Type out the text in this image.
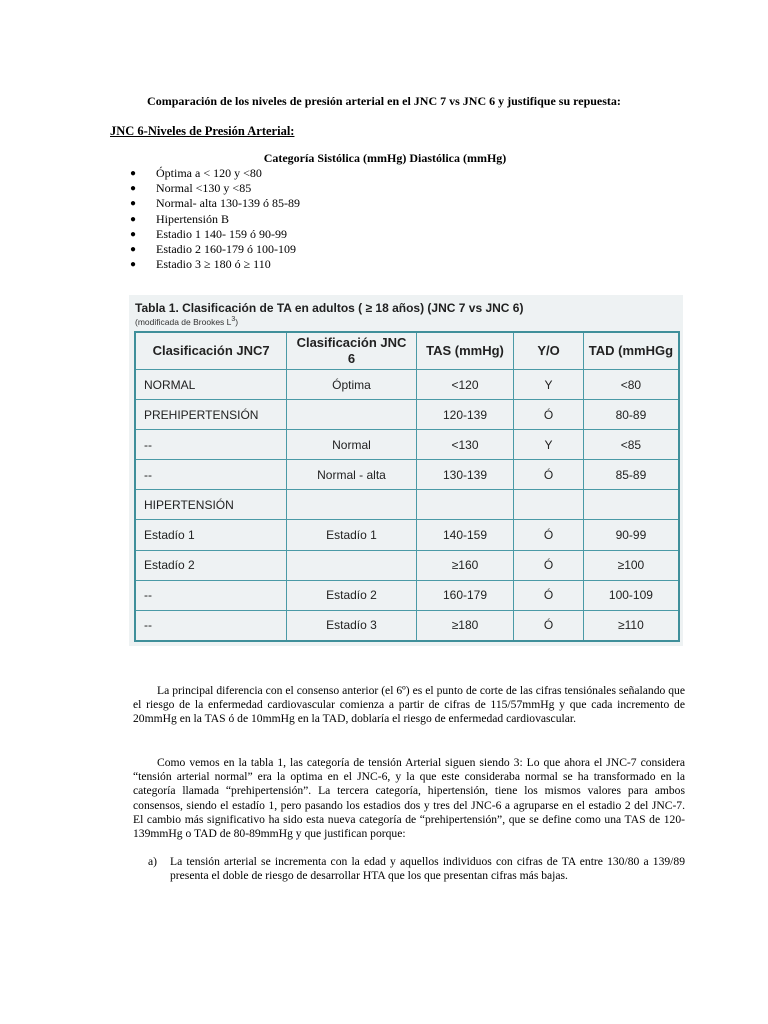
Comparación de los niveles de presión arterial en el JNC 7 vs JNC 6 y justifique su repuesta:
JNC 6-Niveles de Presión Arterial:
Categoría Sistólica (mmHg) Diastólica (mmHg)
● Óptima a < 120 y <80
● Normal <130 y <85
● Normal- alta 130-139 ó 85-89
● Hipertensión B
● Estadio 1 140- 159 ó 90-99
● Estadio 2 160-179 ó 100-109
● Estadio 3 ≥ 180 ó ≥ 110
Tabla 1. Clasificación de TA en adultos ( ≥ 18 años) (JNC 7 vs JNC 6)
(modificada de Brookes $L^3$)
Clasificación JNC7	Clasificación JNC 6	TAS (mmHg)	Y/O	TAD (mmHGg
NORMAL	Óptima	<120	Y	<80
PREHIPERTENSIÓN		120-139	Ó	80-89
--	Normal	<130	Y	<85
--	Normal - alta	130-139	Ó	85-89
HIPERTENSIÓN				
Estadío 1	Estadío 1	140-159	Ó	90-99
Estadío 2		≥160	Ó	≥100
--	Estadío 2	160-179	Ó	100-109
--	Estadío 3	≥180	Ó	≥110
La principal diferencia con el consenso anterior (el 6º) es el punto de corte de las cifras tensiónales señalando que el riesgo de la enfermedad cardiovascular comienza a partir de cifras de 115/57mmHg y que cada incremento de 20mmHg en la TAS ó de 10mmHg en la TAD, doblaría el riesgo de enfermedad cardiovascular.
Como vemos en la tabla 1, las categoría de tensión Arterial siguen siendo 3: Lo que ahora el JNC-7 considera “tensión arterial normal” era la optima en el JNC-6, y la que este consideraba normal se ha transformado en la categoría llamada “prehipertensión”. La tercera categoría, hipertensión, tiene los mismos valores para ambos consensos, siendo el estadío 1, pero pasando los estadios dos y tres del JNC-6 a agruparse en el estadio 2 del JNC-7. El cambio más significativo ha sido esta nueva categoría de “prehipertensión”, que se define como una TAS de 120-139mmHg o TAD de 80-89mmHg y que justifican porque:
a) La tensión arterial se incrementa con la edad y aquellos individuos con cifras de TA entre 130/80 a 139/89 presenta el doble de riesgo de desarrollar HTA que los que presentan cifras más bajas.
